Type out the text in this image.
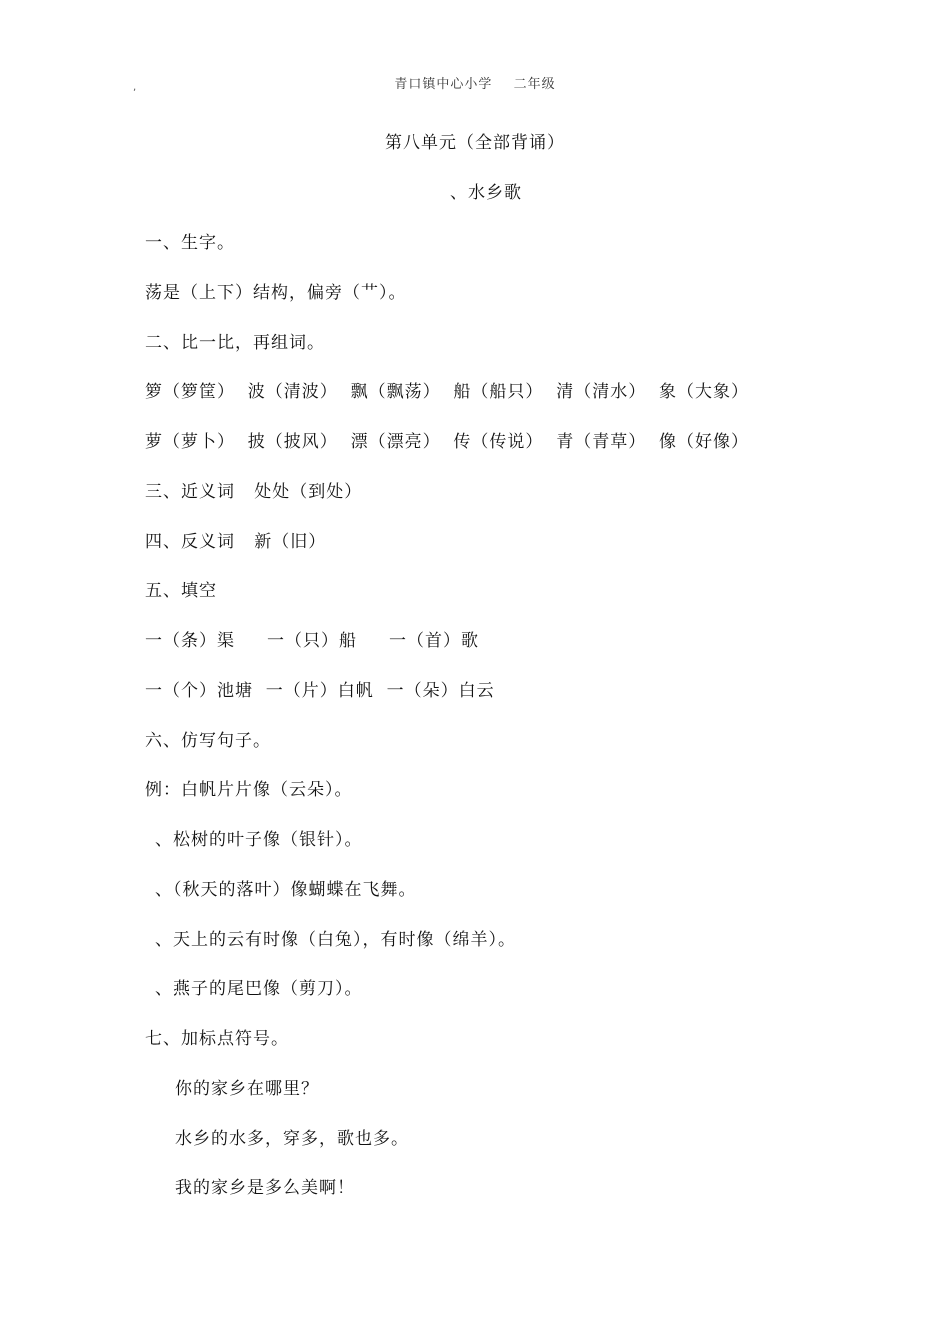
,	青口镇中心小学 二年级
第八单元（全部背诵）
、水乡歌
一、生字。
荡是（上下）结构，偏旁（艹）。
二、比一比，再组词。
箩（箩筐）  波（清波）  飘（飘荡）  船（船只）  清（清水）  象（大象）
萝（萝卜）  披（披风）  漂（漂亮）  传（传说）  青（青草）  像（好像）
三、近义词   处处（到处）
四、反义词   新（旧）
五、填空
一（条）渠     一（只）船     一（首）歌
一（个）池塘  一（片）白帆  一（朵）白云
六、仿写句子。
例：白帆片片像（云朵）。
、松树的叶子像（银针）。
、（秋天的落叶）像蝴蝶在飞舞。
、天上的云有时像（白兔），有时像（绵羊）。
、燕子的尾巴像（剪刀）。
七、加标点符号。
你的家乡在哪里？
水乡的水多，穿多，歌也多。
我的家乡是多么美啊！
